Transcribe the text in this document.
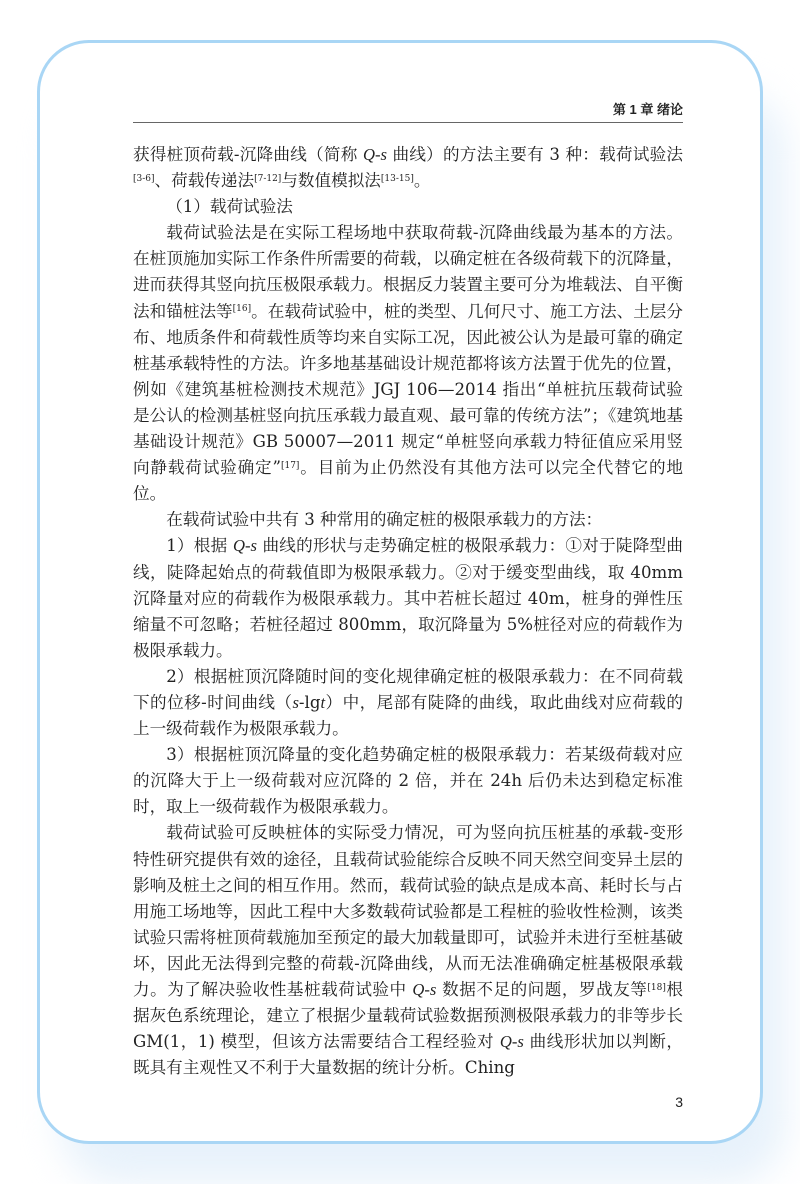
第 1 章 绪论

获得桩顶荷载-沉降曲线（简称 Q-s 曲线）的方法主要有 3 种：载荷试验法[3-6]、荷载传递法[7-12]与数值模拟法[13-15]。

（1）载荷试验法

载荷试验法是在实际工程场地中获取荷载-沉降曲线最为基本的方法。在桩顶施加实际工作条件所需要的荷载，以确定桩在各级荷载下的沉降量，进而获得其竖向抗压极限承载力。根据反力装置主要可分为堆载法、自平衡法和锚桩法等[16]。在载荷试验中，桩的类型、几何尺寸、施工方法、土层分布、地质条件和荷载性质等均来自实际工况，因此被公认为是最可靠的确定桩基承载特性的方法。许多地基基础设计规范都将该方法置于优先的位置，例如《建筑基桩检测技术规范》JGJ 106—2014 指出“单桩抗压载荷试验是公认的检测基桩竖向抗压承载力最直观、最可靠的传统方法”；《建筑地基基础设计规范》GB 50007—2011 规定“单桩竖向承载力特征值应采用竖向静载荷试验确定”[17]。目前为止仍然没有其他方法可以完全代替它的地位。

在载荷试验中共有 3 种常用的确定桩的极限承载力的方法：

1）根据 Q-s 曲线的形状与走势确定桩的极限承载力：①对于陡降型曲线，陡降起始点的荷载值即为极限承载力。②对于缓变型曲线，取 40mm 沉降量对应的荷载作为极限承载力。其中若桩长超过 40m，桩身的弹性压缩量不可忽略；若桩径超过 800mm，取沉降量为 5%桩径对应的荷载作为极限承载力。

2）根据桩顶沉降随时间的变化规律确定桩的极限承载力：在不同荷载下的位移-时间曲线（s-lgt）中，尾部有陡降的曲线，取此曲线对应荷载的上一级荷载作为极限承载力。

3）根据桩顶沉降量的变化趋势确定桩的极限承载力：若某级荷载对应的沉降大于上一级荷载对应沉降的 2 倍，并在 24h 后仍未达到稳定标准时，取上一级荷载作为极限承载力。

载荷试验可反映桩体的实际受力情况，可为竖向抗压桩基的承载-变形特性研究提供有效的途径，且载荷试验能综合反映不同天然空间变异土层的影响及桩土之间的相互作用。然而，载荷试验的缺点是成本高、耗时长与占用施工场地等，因此工程中大多数载荷试验都是工程桩的验收性检测，该类试验只需将桩顶荷载施加至预定的最大加载量即可，试验并未进行至桩基破坏，因此无法得到完整的荷载-沉降曲线，从而无法准确确定桩基极限承载力。为了解决验收性基桩载荷试验中 Q-s 数据不足的问题，罗战友等[18]根据灰色系统理论，建立了根据少量载荷试验数据预测极限承载力的非等步长 GM(1，1) 模型，但该方法需要结合工程经验对 Q-s 曲线形状加以判断，既具有主观性又不利于大量数据的统计分析。Ching

3
